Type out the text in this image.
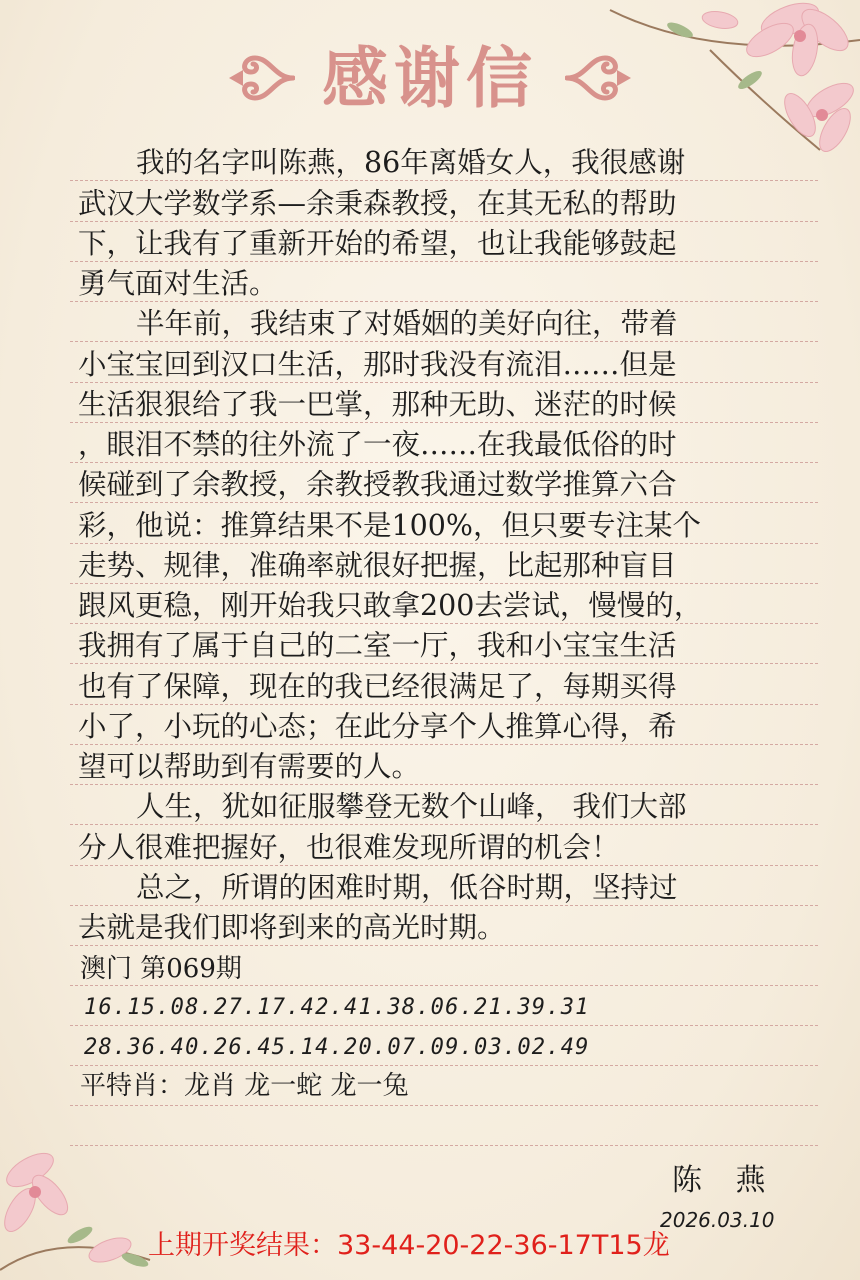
感谢信
我的名字叫陈燕，86年离婚女人，我很感谢
武汉大学数学系—余秉森教授，在其无私的帮助
下，让我有了重新开始的希望，也让我能够鼓起
勇气面对生活。
半年前，我结束了对婚姻的美好向往，带着
小宝宝回到汉口生活，那时我没有流泪……但是
生活狠狠给了我一巴掌，那种无助、迷茫的时候
，眼泪不禁的往外流了一夜……在我最低俗的时
候碰到了余教授，余教授教我通过数学推算六合
彩，他说：推算结果不是100%，但只要专注某个
走势、规律，准确率就很好把握，比起那种盲目
跟风更稳，刚开始我只敢拿200去尝试，慢慢的，
我拥有了属于自己的二室一厅，我和小宝宝生活
也有了保障，现在的我已经很满足了，每期买得
小了，小玩的心态；在此分享个人推算心得，希
望可以帮助到有需要的人。
人生，犹如征服攀登无数个山峰， 我们大部
分人很难把握好，也很难发现所谓的机会！
总之，所谓的困难时期，低谷时期，坚持过
去就是我们即将到来的高光时期。
澳门 第069期
16.15.08.27.17.42.41.38.06.21.39.31
28.36.40.26.45.14.20.07.09.03.02.49
平特肖：龙肖 龙一蛇 龙一兔
陈 燕
2026.03.10
上期开奖结果：33-44-20-22-36-17T15龙
